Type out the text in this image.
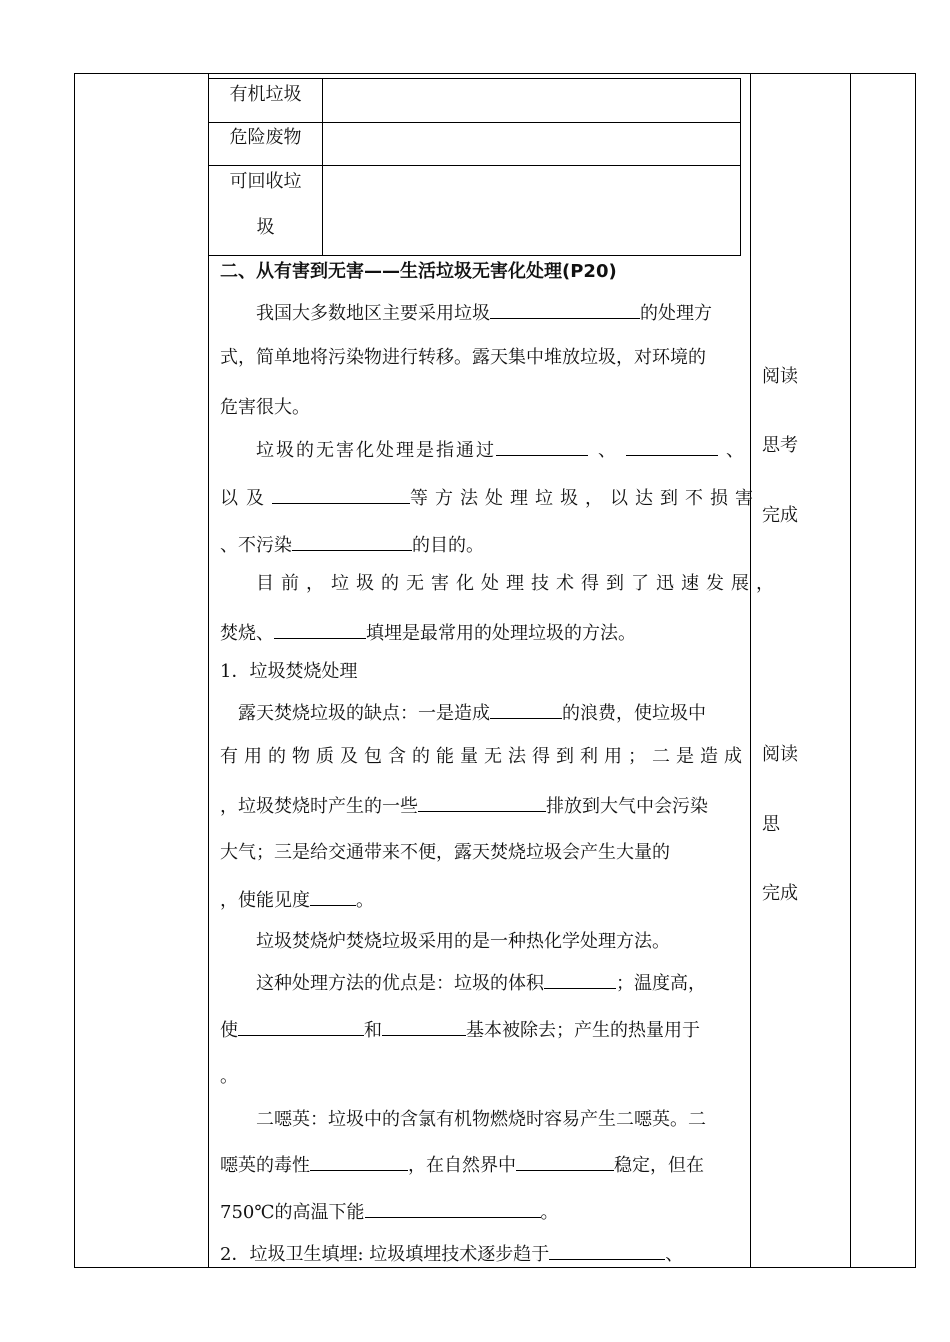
有机垃圾
危险废物
可回收垃
圾
二、从有害到无害——生活垃圾无害化处理(P20)
我国大多数地区主要采用垃圾	的处理方
式，简单地将污染物进行转移。露天集中堆放垃圾，对环境的
危害很大。
垃圾的无害化处理是指通过	、	、
以及	等方法处理垃圾，以达到不损害
、不污染	的目的。
目前，垃圾的无害化处理技术得到了迅速发展，
焚烧、	填埋是最常用的处理垃圾的方法。
1．垃圾焚烧处理
露天焚烧垃圾的缺点：一是造成	的浪费，使垃圾中
有用的物质及包含的能量无法得到利用；二是造成
，垃圾焚烧时产生的一些	排放到大气中会污染
大气；三是给交通带来不便，露天焚烧垃圾会产生大量的
，使能见度	。
垃圾焚烧炉焚烧垃圾采用的是一种热化学处理方法。
这种处理方法的优点是：垃圾的体积	；温度高，
使	和	基本被除去；产生的热量用于
。
二噁英：垃圾中的含氯有机物燃烧时容易产生二噁英。二
噁英的毒性	，在自然界中	稳定，但在
750℃的高温下能	。
2．垃圾卫生填埋: 垃圾填埋技术逐步趋于	、
阅读
思考
完成
阅读
思
完成
